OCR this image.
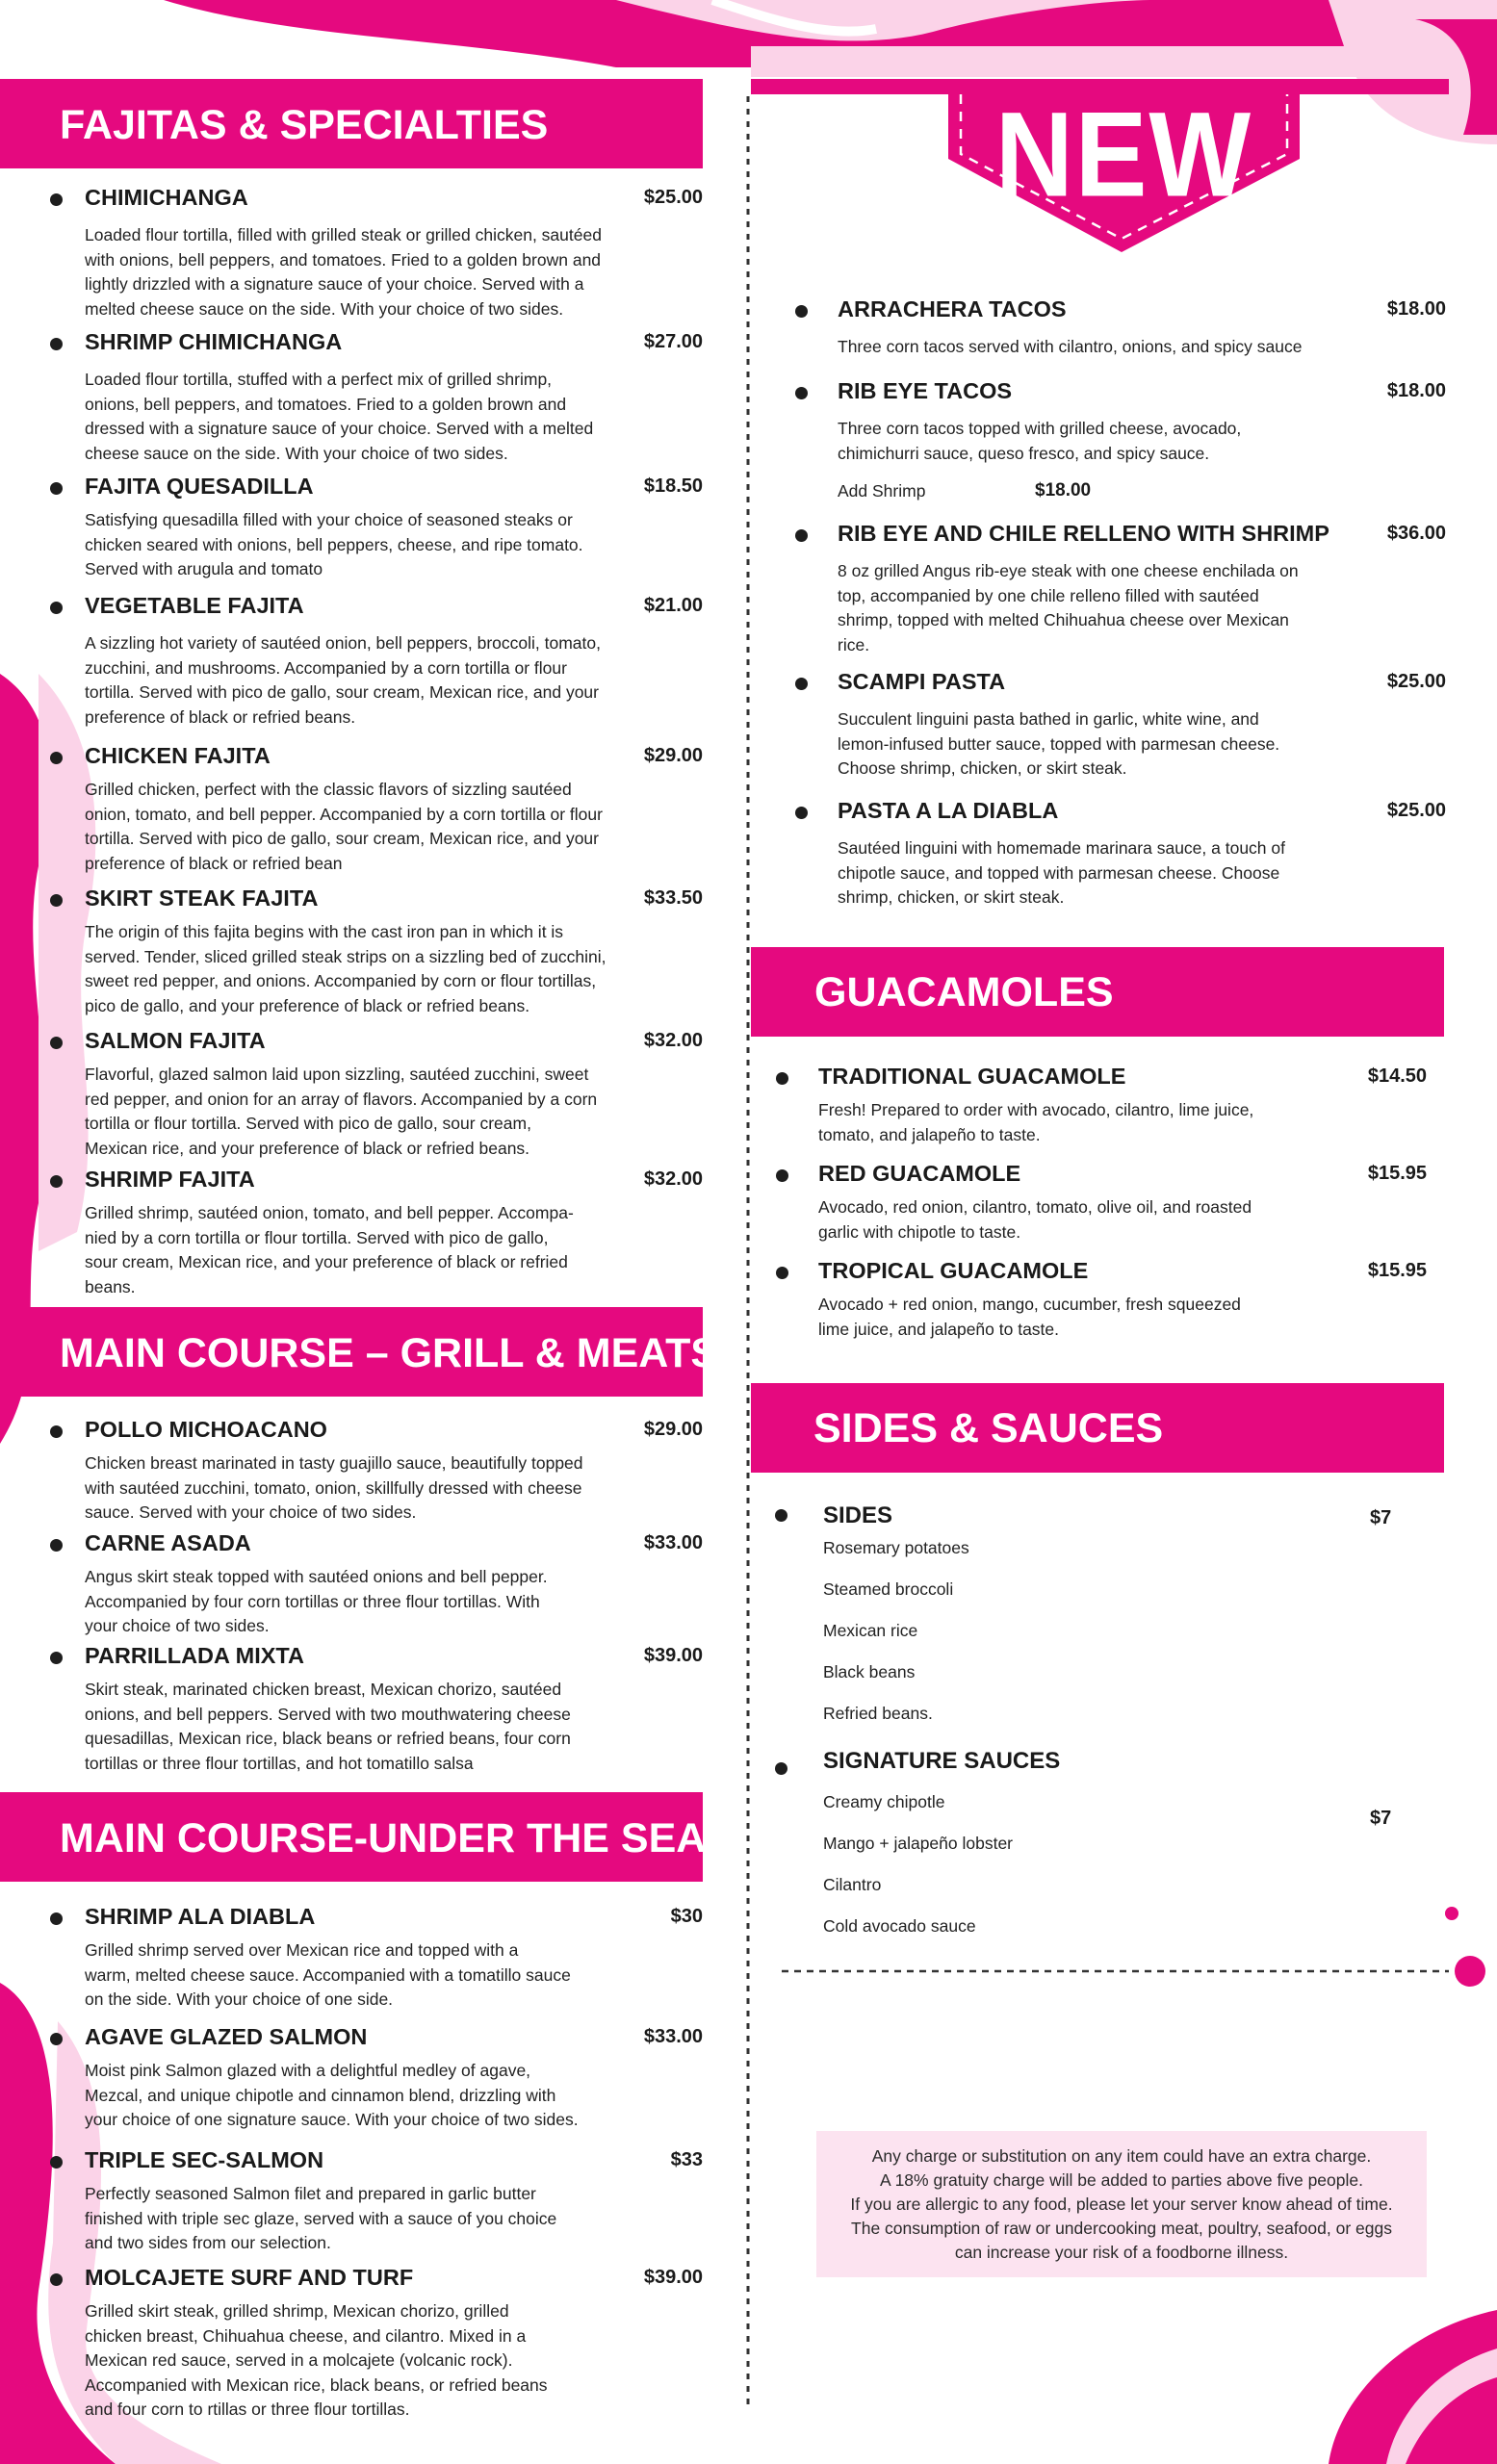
NEW
FAJITAS & SPECIALTIES
MAIN COURSE – GRILL & MEATS
MAIN COURSE-UNDER THE SEA
GUACAMOLES
SIDES & SAUCES
CHIMICHANGA	$25.00
Loaded flour tortilla, filled with grilled steak or grilled chicken, sautéed
with onions, bell peppers, and tomatoes. Fried to a golden brown and
lightly drizzled with a signature sauce of your choice. Served with a
melted cheese sauce on the side. With your choice of two sides.
SHRIMP CHIMICHANGA	$27.00
Loaded flour tortilla, stuffed with a perfect mix of grilled shrimp,
onions, bell peppers, and tomatoes. Fried to a golden brown and
dressed with a signature sauce of your choice. Served with a melted
cheese sauce on the side. With your choice of two sides.
FAJITA QUESADILLA	$18.50
Satisfying quesadilla filled with your choice of seasoned steaks or
chicken seared with onions, bell peppers, cheese, and ripe tomato.
Served with arugula and tomato
VEGETABLE FAJITA	$21.00
A sizzling hot variety of sautéed onion, bell peppers, broccoli, tomato,
zucchini, and mushrooms. Accompanied by a corn tortilla or flour
tortilla. Served with pico de gallo, sour cream, Mexican rice, and your
preference of black or refried beans.
CHICKEN FAJITA	$29.00
Grilled chicken, perfect with the classic flavors of sizzling sautéed
onion, tomato, and bell pepper. Accompanied by a corn tortilla or flour
tortilla. Served with pico de gallo, sour cream, Mexican rice, and your
preference of black or refried bean
SKIRT STEAK FAJITA	$33.50
The origin of this fajita begins with the cast iron pan in which it is
served. Tender, sliced grilled steak strips on a sizzling bed of zucchini,
sweet red pepper, and onions. Accompanied by corn or flour tortillas,
pico de gallo, and your preference of black or refried beans.
SALMON FAJITA	$32.00
Flavorful, glazed salmon laid upon sizzling, sautéed zucchini, sweet
red pepper, and onion for an array of flavors. Accompanied by a corn
tortilla or flour tortilla. Served with pico de gallo, sour cream,
Mexican rice, and your preference of black or refried beans.
SHRIMP FAJITA	$32.00
Grilled shrimp, sautéed onion, tomato, and bell pepper. Accompa-
nied by a corn tortilla or flour tortilla. Served with pico de gallo,
sour cream, Mexican rice, and your preference of black or refried
beans.
POLLO MICHOACANO	$29.00
Chicken breast marinated in tasty guajillo sauce, beautifully topped
with sautéed zucchini, tomato, onion, skillfully dressed with cheese
sauce. Served with your choice of two sides.
CARNE ASADA	$33.00
Angus skirt steak topped with sautéed onions and bell pepper.
Accompanied by four corn tortillas or three flour tortillas. With
your choice of two sides.
PARRILLADA MIXTA	$39.00
Skirt steak, marinated chicken breast, Mexican chorizo, sautéed
onions, and bell peppers. Served with two mouthwatering cheese
quesadillas, Mexican rice, black beans or refried beans, four corn
tortillas or three flour tortillas, and hot tomatillo salsa
SHRIMP ALA DIABLA	$30
Grilled shrimp served over Mexican rice and topped with a
warm, melted cheese sauce. Accompanied with a tomatillo sauce
on the side. With your choice of one side.
AGAVE GLAZED SALMON	$33.00
Moist pink Salmon glazed with a delightful medley of agave,
Mezcal, and unique chipotle and cinnamon blend, drizzling with
your choice of one signature sauce. With your choice of two sides.
TRIPLE SEC-SALMON	$33
Perfectly seasoned Salmon filet and prepared in garlic butter
finished with triple sec glaze, served with a sauce of you choice
and two sides from our selection.
MOLCAJETE SURF AND TURF	$39.00
Grilled skirt steak, grilled shrimp, Mexican chorizo, grilled
chicken breast, Chihuahua cheese, and cilantro. Mixed in a
Mexican red sauce, served in a molcajete (volcanic rock).
Accompanied with Mexican rice, black beans, or refried beans
and four corn to rtillas or three flour tortillas.
ARRACHERA TACOS	$18.00
Three corn tacos served with cilantro, onions, and spicy sauce
RIB EYE TACOS	$18.00
Three corn tacos topped with grilled cheese, avocado,
chimichurri sauce, queso fresco, and spicy sauce.
Add Shrimp	$18.00
RIB EYE AND CHILE RELLENO WITH SHRIMP	$36.00
8 oz grilled Angus rib-eye steak with one cheese enchilada on
top, accompanied by one chile relleno filled with sautéed
shrimp, topped with melted Chihuahua cheese over Mexican
rice.
SCAMPI PASTA	$25.00
Succulent linguini pasta bathed in garlic, white wine, and
lemon-infused butter sauce, topped with parmesan cheese.
Choose shrimp, chicken, or skirt steak.
PASTA A LA DIABLA	$25.00
Sautéed linguini with homemade marinara sauce, a touch of
chipotle sauce, and topped with parmesan cheese. Choose
shrimp, chicken, or skirt steak.
TRADITIONAL GUACAMOLE	$14.50
Fresh! Prepared to order with avocado, cilantro, lime juice,
tomato, and jalapeño to taste.
RED GUACAMOLE	$15.95
Avocado, red onion, cilantro, tomato, olive oil, and roasted
garlic with chipotle to taste.
TROPICAL GUACAMOLE	$15.95
Avocado + red onion, mango, cucumber, fresh squeezed
lime juice, and jalapeño to taste.
SIDES	$7
Rosemary potatoes
Steamed broccoli
Mexican rice
Black beans
Refried beans.
SIGNATURE SAUCES
$7
Creamy chipotle
Mango + jalapeño lobster
Cilantro
Cold avocado sauce
Any charge or substitution on any item could have an extra charge.
A 18% gratuity charge will be added to parties above five people.
If you are allergic to any food, please let your server know ahead of time.
The consumption of raw or undercooking meat, poultry, seafood, or eggs
can increase your risk of a foodborne illness.
